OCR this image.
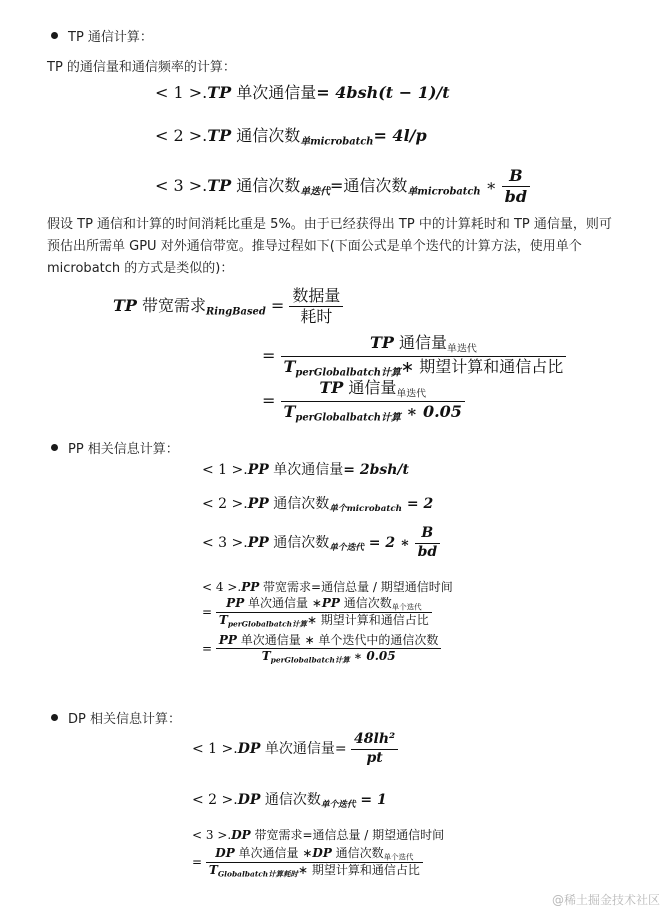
TP 通信计算：
TP 的通信量和通信频率的计算：
< 1 >.TP 单次通信量= 4bsh(t − 1)/t
< 2 >.TP 通信次数$_{单microbatch}$= 4l/p
< 3 >.TP 通信次数$_{单迭代}$=通信次数$_{单microbatch}$ ∗ $\frac{B}{bd}$
假设 TP 通信和计算的时间消耗比重是 5%。由于已经获得出 TP 中的计算耗时和 TP 通信量，则可预估出所需单 GPU 对外通信带宽。推导过程如下(下面公式是单个迭代的计算方法，使用单个 microbatch 的方式是类似的)：
TP 带宽需求$_{RingBased} = \frac{\text{数据量}}{\text{耗时}}$
= $\frac{TP 通信量_{单迭代}}{T_{perGlobalbatch计算}∗ 期望计算和通信占比}$
= $\frac{TP 通信量_{单迭代}}{T_{perGlobalbatch计算} ∗ 0.05}$
PP 相关信息计算：
< 1 >.PP 单次通信量= 2bsh/t
< 2 >.PP 通信次数$_{单个microbatch}$ = 2
< 3 >.PP 通信次数$_{单个迭代}$ = 2 ∗ $\frac{B}{bd}$
< 4 >.PP 带宽需求=通信总量 / 期望通信时间
= $\frac{PP 单次通信量 ∗PP 通信次数_{单个迭代}}{T_{perGlobalbatch计算}∗ 期望计算和通信占比}$
= $\frac{\text{PP 单次通信量 ∗ 单个迭代中的通信次数}}{T_{perGlobalbatch计算} ∗ 0.05}$
DP 相关信息计算：
< 1 >.DP 单次通信量= $\frac{\text{48lh²}}{pt}$
< 2 >.DP 通信次数$_{单个迭代}$ = 1
< 3 >.DP 带宽需求=通信总量 / 期望通信时间
= $\frac{DP 单次通信量 ∗DP 通信次数_{单个迭代}}{T_{Globalbatch计算耗时}∗ 期望计算和通信占比}$
@稀土掘金技术社区
